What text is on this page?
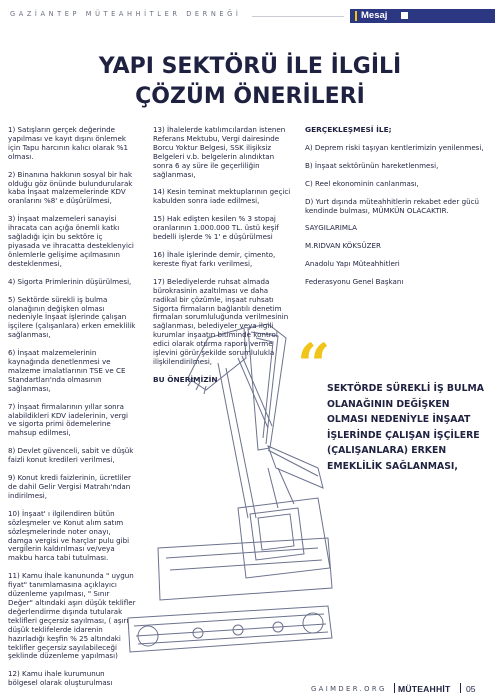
GAZİANTEP MÜTEAHHİTLER DERNEĞİ	Mesaj
YAPI SEKTÖRÜ İLE İLGİLİ
ÇÖZÜM ÖNERİLERİ

1) Satışların gerçek değerinde yapılması ve kayıt dışını önlemek için Tapu harcının kalıcı olarak %1 olması.

2) Binanına hakkının sosyal bir hak olduğu göz önünde bulundurularak kaba İnşaat malzemelerinde KDV oranlarını %8' e düşürülmesi,

3) İnşaat malzemeleri sanayisi ihracata can açığa önemli katkı sağladığı için bu sektöre iç piyasada ve ihracatta desteklenyici önlemlerle gelişime açılmasının desteklenmesi,

4) Sigorta Primlerinin düşürülmesi,

5) Sektörde sürekli iş bulma olanağının değişken olması nedeniyle İnşaat işlerinde çalışan işçilere (çalışanlara) erken emeklilik sağlanması,

6) İnşaat malzemelerinin kaynağında denetlenmesi ve malzeme imalatlarının TSE ve CE Standartları'nda olmasının sağlanması,

7) İnşaat firmalarının yıllar sonra alabildikleri KDV iadelerinin, vergi ve sigorta primi ödemelerine mahsup edilmesi,

8) Devlet güvenceli, sabit ve düşük faizli konut kredileri verilmesi,

9) Konut kredi faizlerinin, ücretliler de dahil Gelir Vergisi Matrahı'ndan indirilmesi,

10) İnşaat' ı ilgilendiren bütün sözleşmeler ve Konut alım satım sözleşmelerinde noter onayı, damga vergisi ve harçlar pulu gibi vergilerin kaldırılması ve/veya makbu harca tabi tutulması.

11) Kamu İhale kanununda " uygun fiyat" tanımlamasına açıklayıcı düzenleme yapılması, " Sınır Değer" altındaki aşırı düşük teklifler değerlendirme dışında tutularak teklifleri geçersiz sayılması, ( aşırı düşük teklifelerde idarenin hazırladığı keşfin % 25 altındaki teklifler geçersiz sayılabileceği şeklinde düzenleme yapılması)

12) Kamu ihale kurumunun bölgesel olarak oluşturulması

13) İhalelerde katılımcılardan istenen Referans Mektubu, Vergi dairesinde Borcu Yoktur Belgesi, SSK ilişiksiz Belgeleri v.b. belgelerin alındıktan sonra 6 ay süre ile geçerliliğin sağlanması,

14) Kesin teminat mektuplarının geçici kabulden sonra iade edilmesi,

15) Hak edişten kesilen % 3 stopaj oranlarının 1.000.000 TL. üstü keşif bedelli işlerde % 1' e düşürülmesi

16) İhale işlerinde demir, çimento, kereste fiyat farkı verilmesi,

17) Belediyelerde ruhsat almada bürokrasinin azaltılması ve daha radikal bir çözümle, inşaat ruhsatı Sigorta firmaların bağlantılı denetim firmaları sorumluluğunda verilmesinin sağlanması, belediyeler veya ilgili kurumlar inşaatın bitiminde kontrol edici olarak oturma raporu verme işlevini görür şekilde sorumlulukla ilişkilendirilmesi,

BU ÖNERİMİZİN

GERÇEKLEŞMESİ İLE;

A) Deprem riski taşıyan kentlerimizin yenilenmesi,

B) İnşaat sektörünün hareketlenmesi,

C) Reel ekonominin canlanması,

D) Yurt dışında müteahhitlerin rekabet eder gücü kendinde bulması, MÜMKÜN OLACAKTIR.

SAYGILARIMLA

M.RIDVAN KÖKSÜZER

Anadolu Yapı Müteahhitleri

Federasyonu Genel Başkanı

“
SEKTÖRDE SÜREKLİ İŞ BULMA OLANAĞININ DEĞİŞKEN OLMASI NEDENİYLE İNŞAAT İŞLERİNDE ÇALIŞAN İŞÇİLERE (ÇALIŞANLARA) ERKEN EMEKLİLİK SAĞLANMASI,
GAIMDER.ORG MÜTEAHHİT 05
